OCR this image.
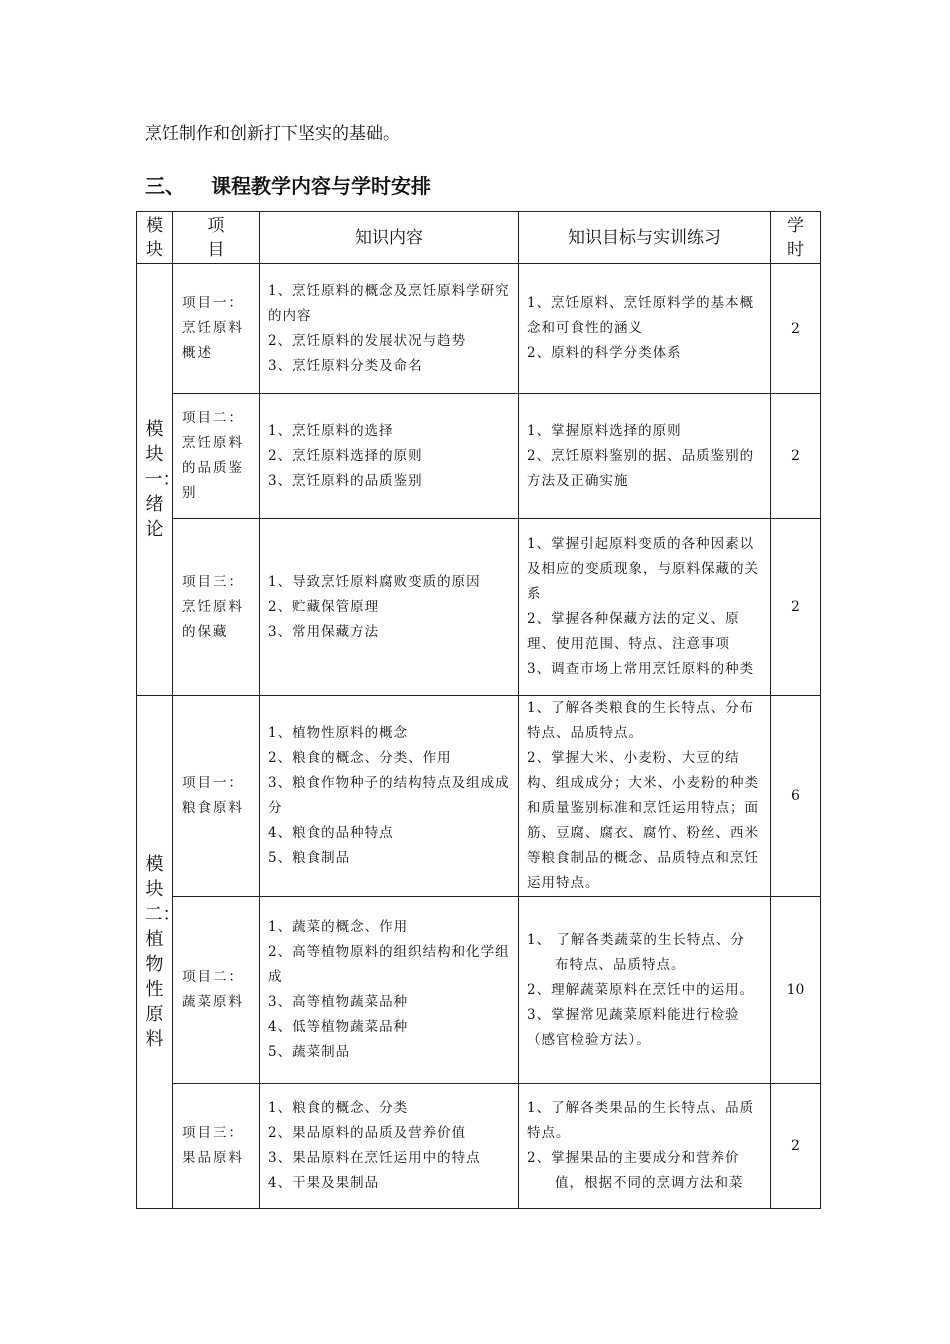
烹饪制作和创新打下坚实的基础。
三、 课程教学内容与学时安排
模块	项目	知识内容	知识目标与实训练习	学时

模块一：绪论	项目一：烹饪原料概述	1、烹饪原料的概念及烹饪原料学研究的内容
2、烹饪原料的发展状况与趋势
3、烹饪原料分类及命名	1、烹饪原料、烹饪原料学的基本概念和可食性的涵义
2、原料的科学分类体系	2
	项目二：烹饪原料的品质鉴别	1、烹饪原料的选择
2、烹饪原料选择的原则
3、烹饪原料的品质鉴别	1、掌握原料选择的原则
2、烹饪原料鉴别的据、品质鉴别的方法及正确实施	2
	项目三：烹饪原料的保藏	1、导致烹饪原料腐败变质的原因
2、贮藏保管原理
3、常用保藏方法	1、掌握引起原料变质的各种因素以及相应的变质现象，与原料保藏的关系
2、掌握各种保藏方法的定义、原理、使用范围、特点、注意事项
3、调查市场上常用烹饪原料的种类	2

模块二：植物性原料	项目一：粮食原料	1、植物性原料的概念
2、粮食的概念、分类、作用
3、粮食作物种子的结构特点及组成成分
4、粮食的品种特点
5、粮食制品	1、了解各类粮食的生长特点、分布特点、品质特点。
2、掌握大米、小麦粉、大豆的结构、组成成分；大米、小麦粉的种类和质量鉴别标准和烹饪运用特点；面筋、豆腐、腐衣、腐竹、粉丝、西米等粮食制品的概念、品质特点和烹饪运用特点。	6
	项目二：蔬菜原料	1、蔬菜的概念、作用
2、高等植物原料的组织结构和化学组成
3、高等植物蔬菜品种
4、低等植物蔬菜品种
5、蔬菜制品	1、 了解各类蔬菜的生长特点、分
布特点、品质特点。
2、理解蔬菜原料在烹饪中的运用。
3、掌握常见蔬菜原料能进行检验（感官检验方法）。	10
	项目三：果品原料	1、粮食的概念、分类
2、果品原料的品质及营养价值
3、果品原料在烹饪运用中的特点
4、干果及果制品	1、了解各类果品的生长特点、品质特点。
2、掌握果品的主要成分和营养价
值，根据不同的烹调方法和菜	2
